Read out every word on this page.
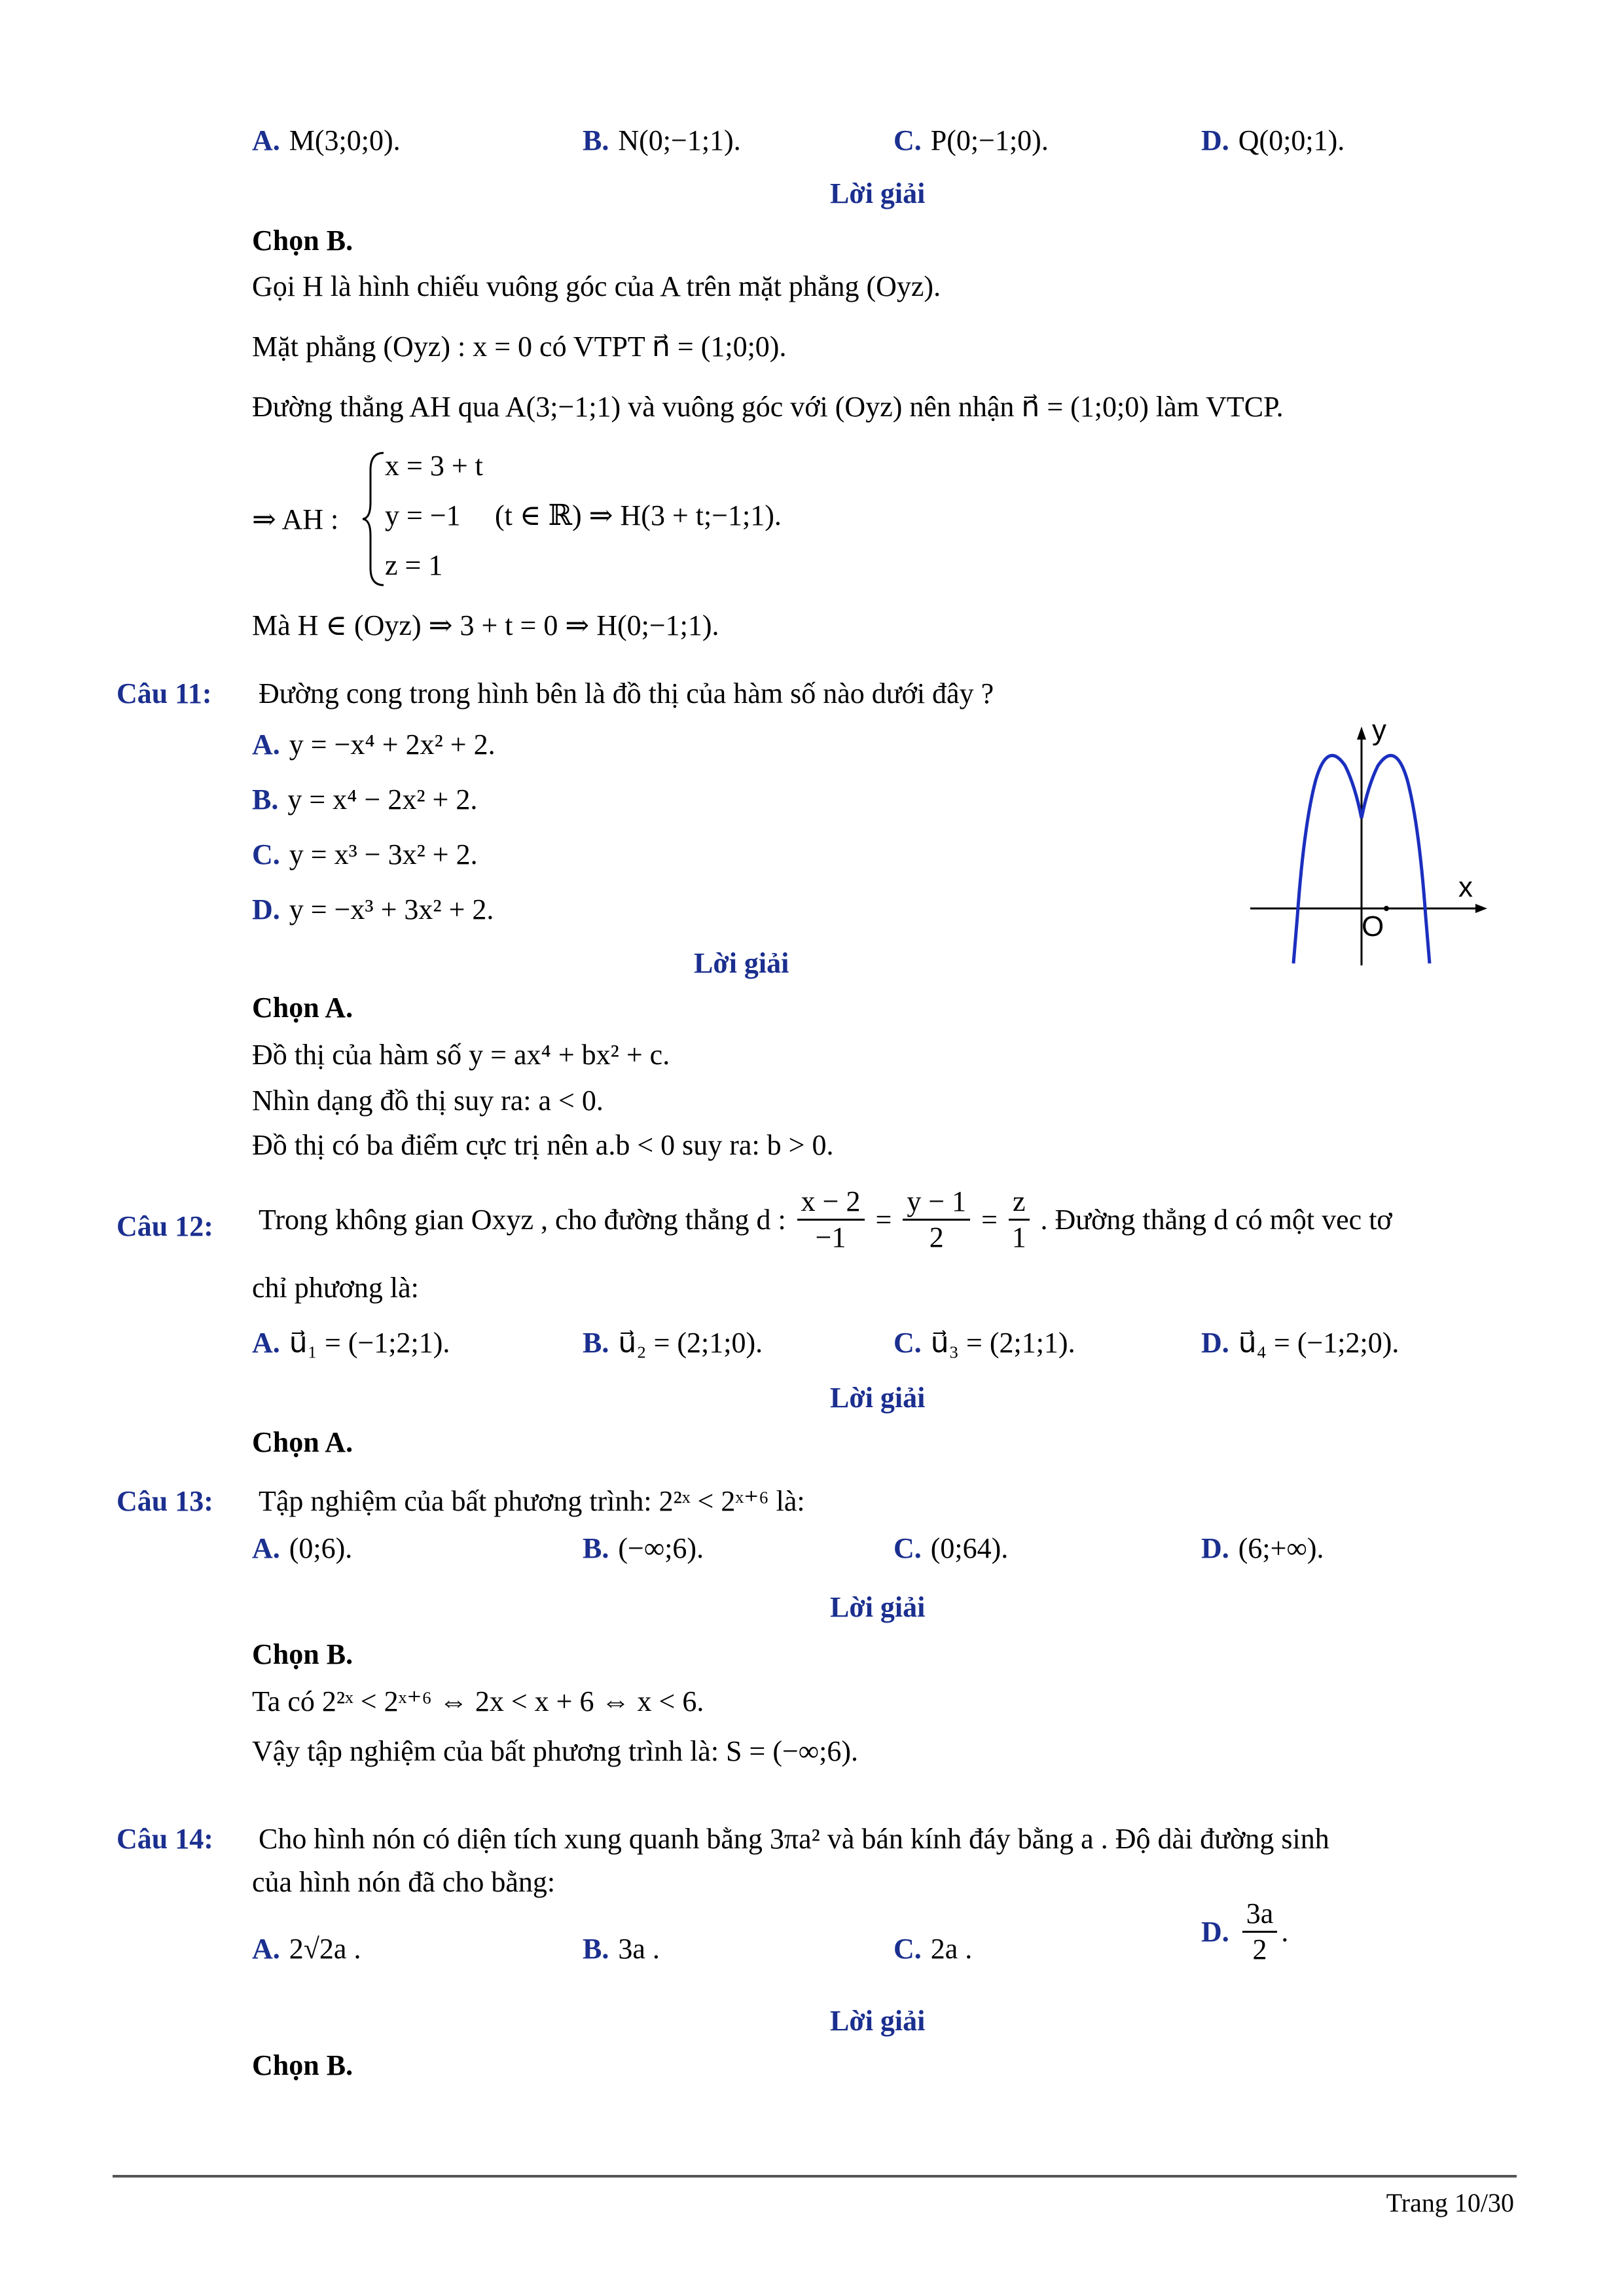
A. M(3;0;0).	B. N(0;−1;1).	C. P(0;−1;0).	D. Q(0;0;1).
Lời giải
Chọn B.
Gọi H là hình chiếu vuông góc của A trên mặt phẳng (Oyz).
Mặt phẳng (Oyz) : x = 0 có VTPT n⃗ = (1;0;0).
Đường thẳng AH qua A(3;−1;1) và vuông góc với (Oyz) nên nhận n⃗ = (1;0;0) làm VTCP.
⇒ AH :
x = 3 + t
y = −1
z = 1
(t ∈ ℝ) ⇒ H(3 + t;−1;1).
Mà H ∈ (Oyz) ⇒ 3 + t = 0 ⇒ H(0;−1;1).
Câu 11: Đường cong trong hình bên là đồ thị của hàm số nào dưới đây ?
A. y = −x⁴ + 2x² + 2.
B. y = x⁴ − 2x² + 2.
C. y = x³ − 3x² + 2.
D. y = −x³ + 3x² + 2.
y
x
O
Lời giải
Chọn A.
Đồ thị của hàm số y = ax⁴ + bx² + c.
Nhìn dạng đồ thị suy ra: a < 0.
Đồ thị có ba điểm cực trị nên a.b < 0 suy ra: b > 0.
Câu 12: Trong không gian Oxyz , cho đường thẳng d : $\frac{x - 2}{-1} = \frac{y - 1}{2} = \frac{z}{1}$ . Đường thẳng d có một vec tơ
chỉ phương là:
A. u⃗₁ = (−1;2;1).	B. u⃗₂ = (2;1;0).	C. u⃗₃ = (2;1;1).	D. u⃗₄ = (−1;2;0).
Lời giải
Chọn A.
Câu 13: Tập nghiệm của bất phương trình: 2²ˣ < 2ˣ⁺⁶ là:
A. (0;6).	B. (−∞;6).	C. (0;64).	D. (6;+∞).
Lời giải
Chọn B.
Ta có 2²ˣ < 2ˣ⁺⁶ ⇔ 2x < x + 6 ⇔ x < 6.
Vậy tập nghiệm của bất phương trình là: S = (−∞;6).
Câu 14: Cho hình nón có diện tích xung quanh bằng 3πa² và bán kính đáy bằng a . Độ dài đường sinh
của hình nón đã cho bằng:
A. 2√2a .	B. 3a .	C. 2a .
D. $\frac{3a}{2}$ .
Lời giải
Chọn B.
Trang 10/30
